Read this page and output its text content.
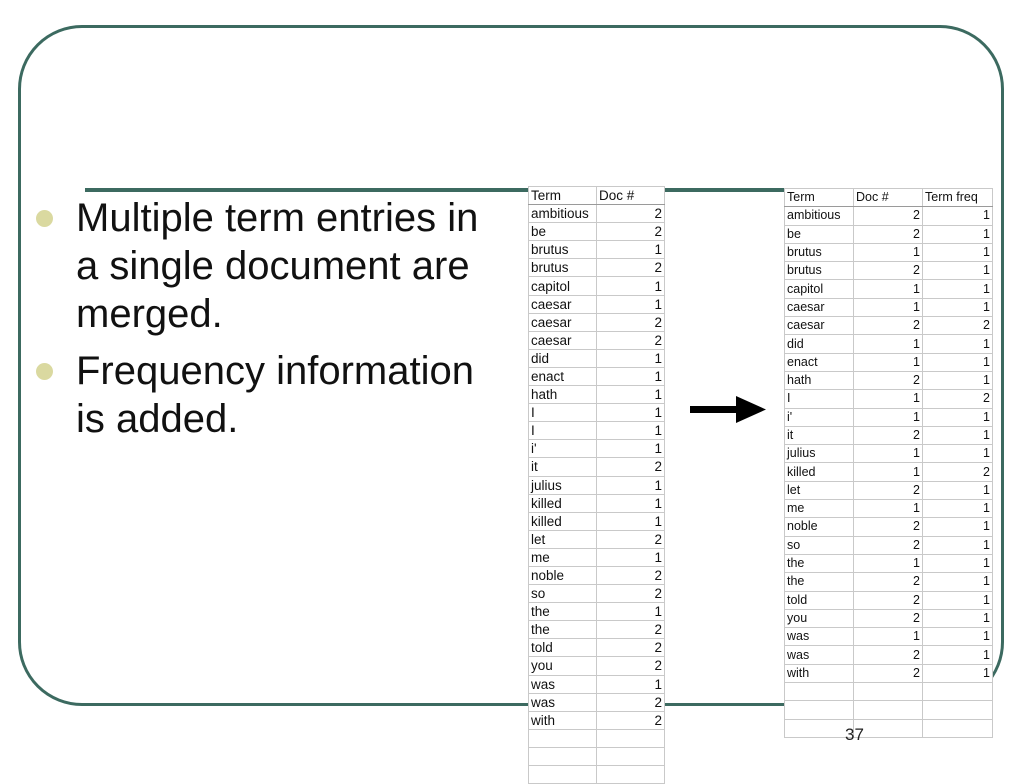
Multiple term entries in a single document are merged.
Frequency information is added.
Term	Doc #
ambitious	2
be	2
brutus	1
brutus	2
capitol	1
caesar	1
caesar	2
caesar	2
did	1
enact	1
hath	1
I	1
I	1
i'	1
it	2
julius	1
killed	1
killed	1
let	2
me	1
noble	2
so	2
the	1
the	2
told	2
you	2
was	1
was	2
with	2

Term	Doc #	Term freq
ambitious	2	1
be	2	1
brutus	1	1
brutus	2	1
capitol	1	1
caesar	1	1
caesar	2	2
did	1	1
enact	1	1
hath	2	1
I	1	2
i'	1	1
it	2	1
julius	1	1
killed	1	2
let	2	1
me	1	1
noble	2	1
so	2	1
the	1	1
the	2	1
told	2	1
you	2	1
was	1	1
was	2	1
with	2	1

37
